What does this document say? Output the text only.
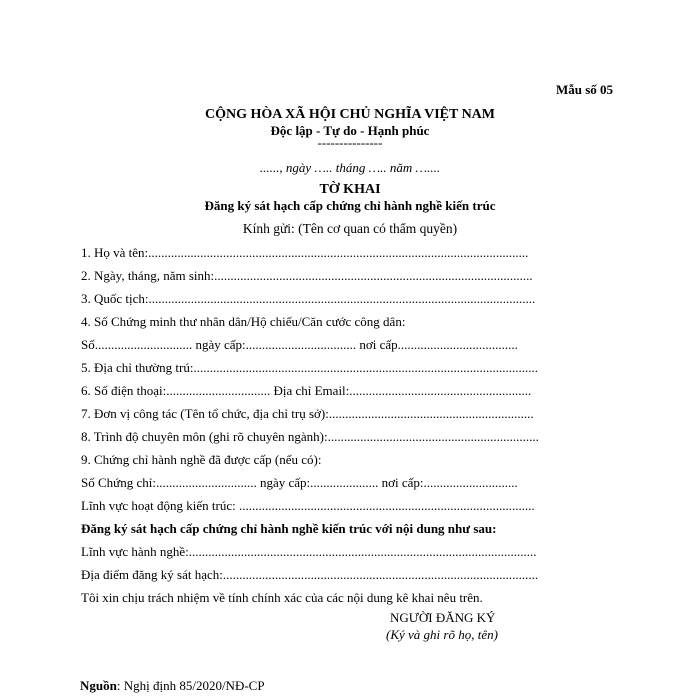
Mẫu số 05
CỘNG HÒA XÃ HỘI CHỦ NGHĨA VIỆT NAM
Độc lập - Tự do - Hạnh phúc
---------------
......, ngày ….. tháng ….. năm …....
TỜ KHAI
Đăng ký sát hạch cấp chứng chỉ hành nghề kiến trúc
Kính gửi: (Tên cơ quan có thẩm quyền)
1. Họ và tên:.....................................................................................................................
2. Ngày, tháng, năm sinh:..................................................................................................
3. Quốc tịch:.......................................................................................................................
4. Số Chứng minh thư nhân dân/Hộ chiếu/Căn cước công dân:
Số.............................. ngày cấp:.................................. nơi cấp.....................................
5. Địa chỉ thường trú:..........................................................................................................
6. Số điện thoại:................................ Địa chỉ Email:........................................................
7. Đơn vị công tác (Tên tổ chức, địa chỉ trụ sở):...............................................................
8. Trình độ chuyên môn (ghi rõ chuyên ngành):.................................................................
9. Chứng chỉ hành nghề đã được cấp (nếu có):
Số Chứng chỉ:............................... ngày cấp:..................... nơi cấp:.............................
Lĩnh vực hoạt động kiến trúc: ...........................................................................................
Đăng ký sát hạch cấp chứng chỉ hành nghề kiến trúc với nội dung như sau:
Lĩnh vực hành nghề:...........................................................................................................
Địa điểm đăng ký sát hạch:.................................................................................................
Tôi xin chịu trách nhiệm về tính chính xác của các nội dung kê khai nêu trên.
NGƯỜI ĐĂNG KÝ
(Ký và ghi rõ họ, tên)
Nguồn: Nghị định 85/2020/NĐ-CP
